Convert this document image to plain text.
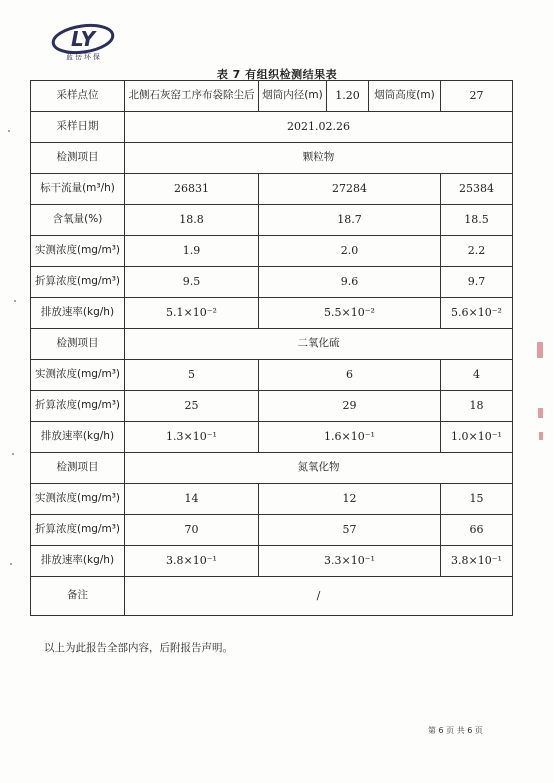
LY
蓝岳环保
表 7 有组织检测结果表
采样点位	北侧石灰窑工序布袋除尘后	烟筒内径(m)	1.20	烟筒高度(m)	27
采样日期	2021.02.26				
检测项目	颗粒物				
标干流量(m³/h)	26831	27284			25384
含氧量(%)	18.8	18.7			18.5
实测浓度(mg/m³)	1.9	2.0			2.2
折算浓度(mg/m³)	9.5	9.6			9.7
排放速率(kg/h)	5.1×10⁻²	5.5×10⁻²			5.6×10⁻²
检测项目	二氧化硫				
实测浓度(mg/m³)	5	6			4
折算浓度(mg/m³)	25	29			18
排放速率(kg/h)	1.3×10⁻¹	1.6×10⁻¹			1.0×10⁻¹
检测项目	氮氧化物				
实测浓度(mg/m³)	14	12			15
折算浓度(mg/m³)	70	57			66
排放速率(kg/h)	3.8×10⁻¹	3.3×10⁻¹			3.8×10⁻¹
备注	/				
以上为此报告全部内容，后附报告声明。
第 6 页 共 6 页
